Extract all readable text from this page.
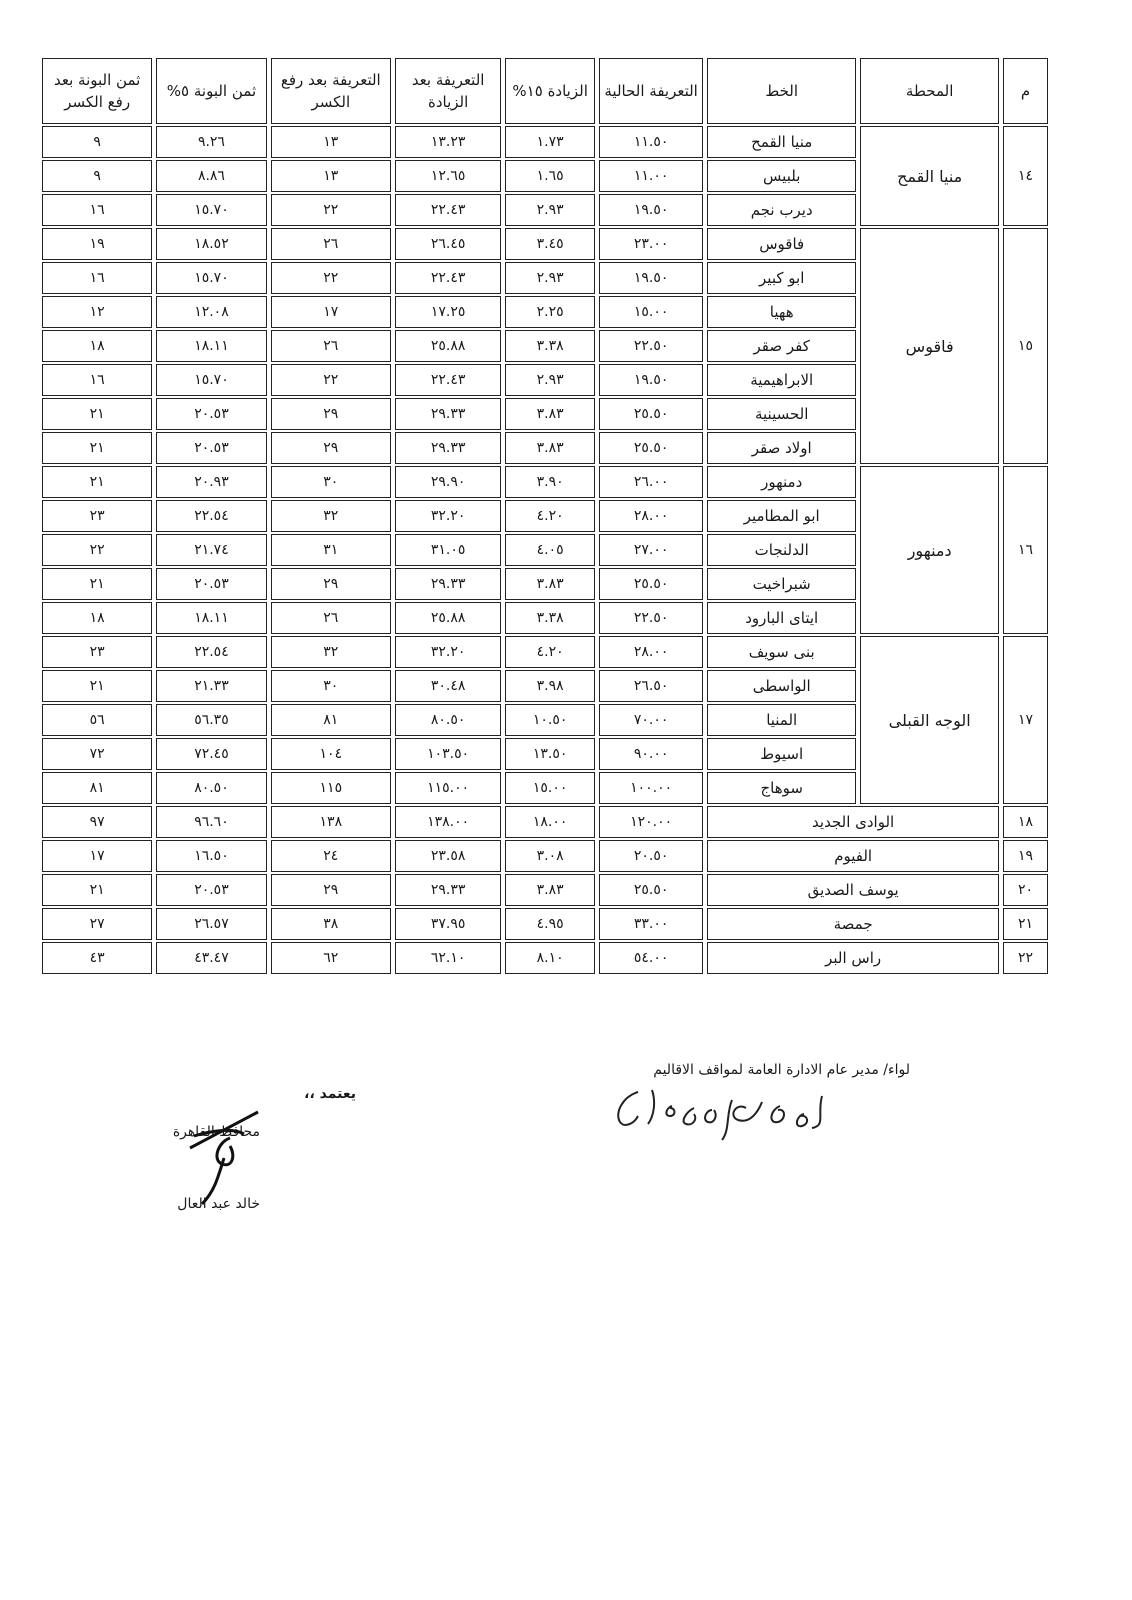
م	المحطة	الخط	التعريفة الحالية	الزيادة ١٥%	التعريفة بعد الزيادة	التعريفة بعد رفع الكسر	ثمن البونة ٥%	ثمن البونة بعد رفع الكسر
١٤	منيا القمح	منيا القمح	١١.٥٠	١.٧٣	١٣.٢٣	١٣	٩.٢٦	٩
		بلبيس	١١.٠٠	١.٦٥	١٢.٦٥	١٣	٨.٨٦	٩
		ديرب نجم	١٩.٥٠	٢.٩٣	٢٢.٤٣	٢٢	١٥.٧٠	١٦
١٥	فاقوس	فاقوس	٢٣.٠٠	٣.٤٥	٢٦.٤٥	٢٦	١٨.٥٢	١٩
		ابو كبير	١٩.٥٠	٢.٩٣	٢٢.٤٣	٢٢	١٥.٧٠	١٦
		ههيا	١٥.٠٠	٢.٢٥	١٧.٢٥	١٧	١٢.٠٨	١٢
		كفر صقر	٢٢.٥٠	٣.٣٨	٢٥.٨٨	٢٦	١٨.١١	١٨
		الابراهيمية	١٩.٥٠	٢.٩٣	٢٢.٤٣	٢٢	١٥.٧٠	١٦
		الحسينية	٢٥.٥٠	٣.٨٣	٢٩.٣٣	٢٩	٢٠.٥٣	٢١
		اولاد صقر	٢٥.٥٠	٣.٨٣	٢٩.٣٣	٢٩	٢٠.٥٣	٢١
١٦	دمنهور	دمنهور	٢٦.٠٠	٣.٩٠	٢٩.٩٠	٣٠	٢٠.٩٣	٢١
		ابو المطامير	٢٨.٠٠	٤.٢٠	٣٢.٢٠	٣٢	٢٢.٥٤	٢٣
		الدلنجات	٢٧.٠٠	٤.٠٥	٣١.٠٥	٣١	٢١.٧٤	٢٢
		شبراخيت	٢٥.٥٠	٣.٨٣	٢٩.٣٣	٢٩	٢٠.٥٣	٢١
		ايتاى البارود	٢٢.٥٠	٣.٣٨	٢٥.٨٨	٢٦	١٨.١١	١٨
١٧	الوجه القبلى	بنى سويف	٢٨.٠٠	٤.٢٠	٣٢.٢٠	٣٢	٢٢.٥٤	٢٣
		الواسطى	٢٦.٥٠	٣.٩٨	٣٠.٤٨	٣٠	٢١.٣٣	٢١
		المنيا	٧٠.٠٠	١٠.٥٠	٨٠.٥٠	٨١	٥٦.٣٥	٥٦
		اسيوط	٩٠.٠٠	١٣.٥٠	١٠٣.٥٠	١٠٤	٧٢.٤٥	٧٢
		سوهاج	١٠٠.٠٠	١٥.٠٠	١١٥.٠٠	١١٥	٨٠.٥٠	٨١
١٨	الوادى الجديد		١٢٠.٠٠	١٨.٠٠	١٣٨.٠٠	١٣٨	٩٦.٦٠	٩٧
١٩	الفيوم		٢٠.٥٠	٣.٠٨	٢٣.٥٨	٢٤	١٦.٥٠	١٧
٢٠	يوسف الصديق		٢٥.٥٠	٣.٨٣	٢٩.٣٣	٢٩	٢٠.٥٣	٢١
٢١	جمصة		٣٣.٠٠	٤.٩٥	٣٧.٩٥	٣٨	٢٦.٥٧	٢٧
٢٢	راس البر		٥٤.٠٠	٨.١٠	٦٢.١٠	٦٢	٤٣.٤٧	٤٣
لواء/ مدير عام الادارة العامة لمواقف الاقاليم
يعتمد ،،
محافظ القاهرة
خالد عبد العال
